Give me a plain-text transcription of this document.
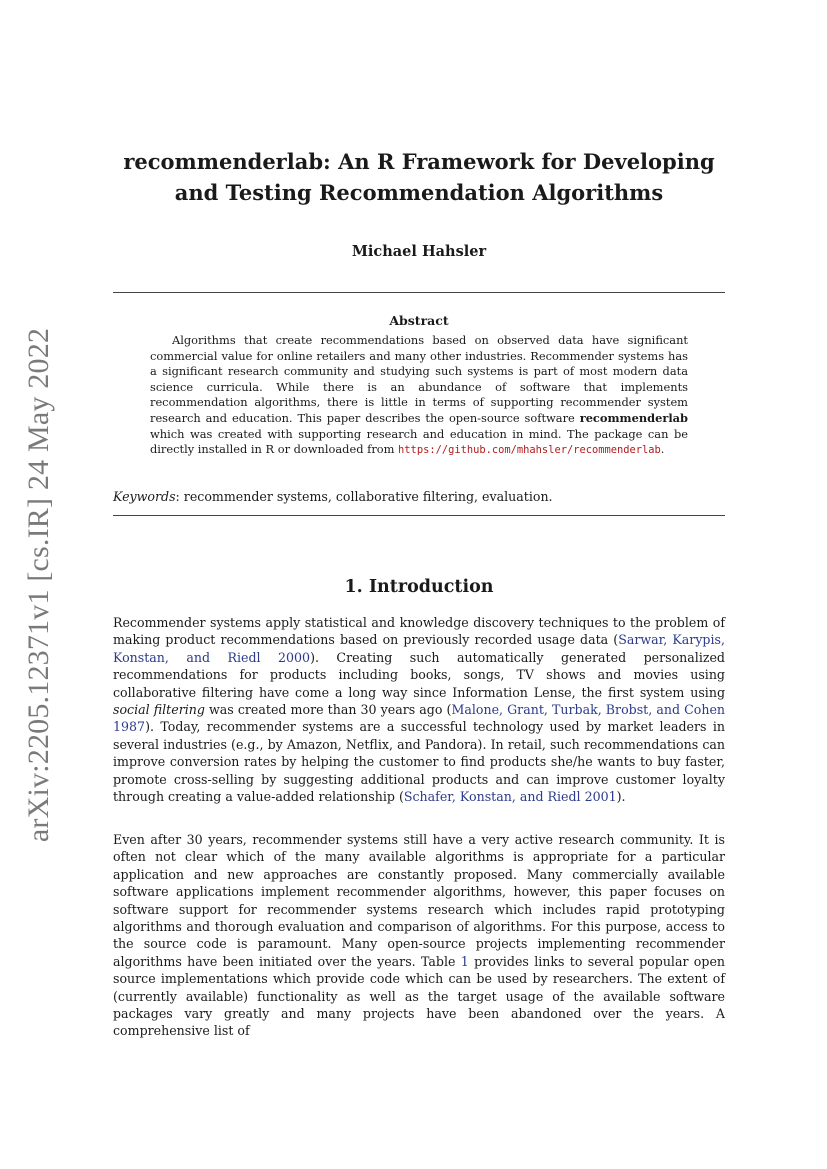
arXiv:2205.12371v1 [cs.IR] 24 May 2022
recommenderlab: An R Framework for Developing
and Testing Recommendation Algorithms

Michael Hahsler

Abstract

Algorithms that create recommendations based on observed data have significant commercial value for online retailers and many other industries. Recommender systems has a significant research community and studying such systems is part of most modern data science curricula. While there is an abundance of software that implements recommendation algorithms, there is little in terms of supporting recommender system research and education. This paper describes the open-source software recommenderlab which was created with supporting research and education in mind. The package can be directly installed in R or downloaded from https://github.com/mhahsler/recommenderlab.

Keywords: recommender systems, collaborative filtering, evaluation.

1. Introduction

Recommender systems apply statistical and knowledge discovery techniques to the problem of making product recommendations based on previously recorded usage data (Sarwar, Karypis, Konstan, and Riedl 2000). Creating such automatically generated personalized recommendations for products including books, songs, TV shows and movies using collaborative filtering have come a long way since Information Lense, the first system using social filtering was created more than 30 years ago (Malone, Grant, Turbak, Brobst, and Cohen 1987). Today, recommender systems are a successful technology used by market leaders in several industries (e.g., by Amazon, Netflix, and Pandora). In retail, such recommendations can improve conversion rates by helping the customer to find products she/he wants to buy faster, promote cross-selling by suggesting additional products and can improve customer loyalty through creating a value-added relationship (Schafer, Konstan, and Riedl 2001).

Even after 30 years, recommender systems still have a very active research community. It is often not clear which of the many available algorithms is appropriate for a particular application and new approaches are constantly proposed. Many commercially available software applications implement recommender algorithms, however, this paper focuses on software support for recommender systems research which includes rapid prototyping algorithms and thorough evaluation and comparison of algorithms. For this purpose, access to the source code is paramount. Many open-source projects implementing recommender algorithms have been initiated over the years. Table 1 provides links to several popular open source implementations which provide code which can be used by researchers. The extent of (currently available) functionality as well as the target usage of the available software packages vary greatly and many projects have been abandoned over the years. A comprehensive list of
